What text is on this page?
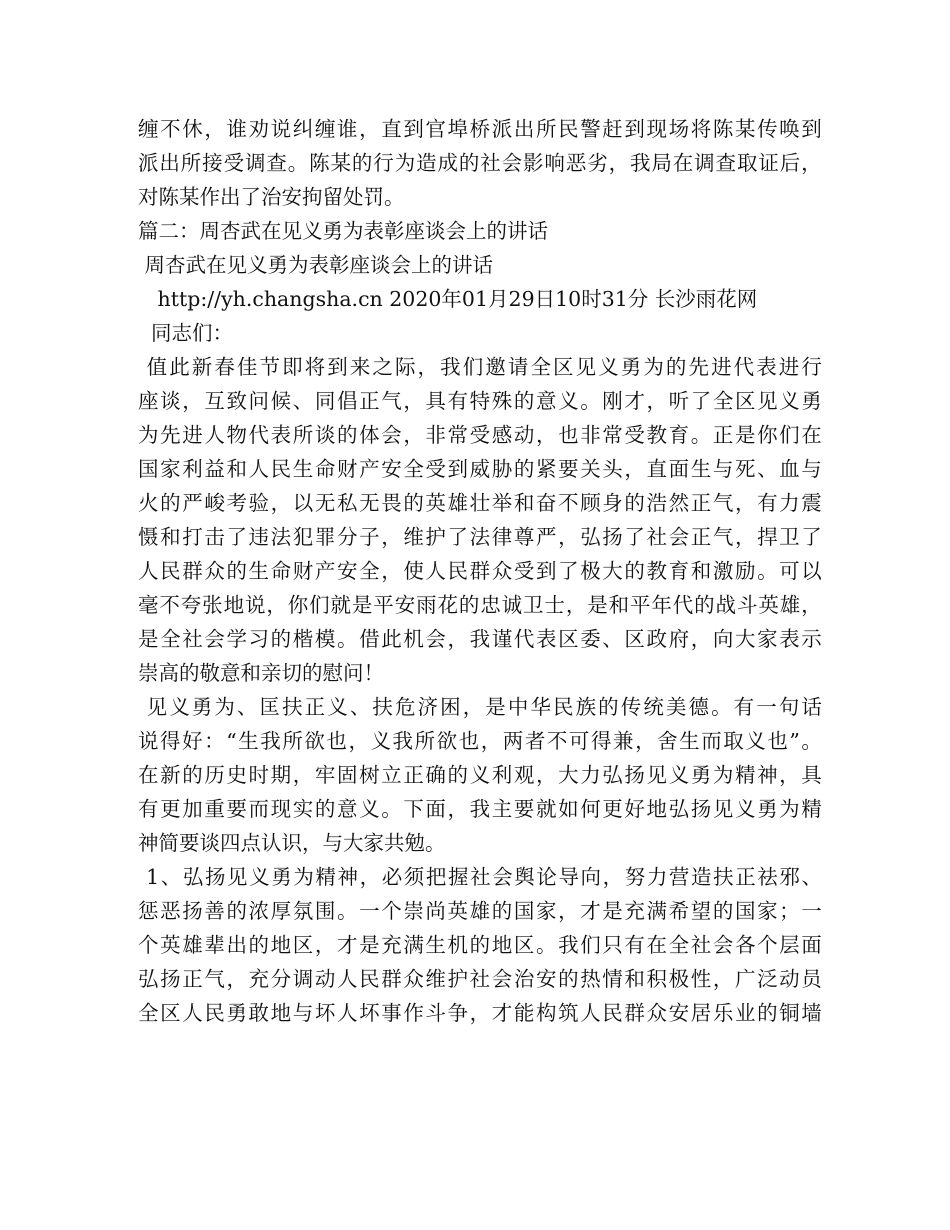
缠 不 休 ， 谁 劝 说 纠 缠 谁 ， 直 到 官 埠 桥 派 出 所 民 警 赶 到 现 场 将 陈 某 传 唤 到
派 出 所 接 受 调 查 。 陈 某 的 行 为 造 成 的 社 会 影 响 恶 劣 ， 我 局 在 调 查 取 证 后 ，
对陈某作出了治安拘留处罚。
篇二：周杏武在见义勇为表彰座谈会上的讲话
周杏武在见义勇为表彰座谈会上的讲话
http://yh.changsha.cn 2020年01月29日10时31分 长沙雨花网
同志们：

值 此 新 春 佳 节 即 将 到 来 之 际 ， 我 们 邀 请 全 区 见 义 勇 为 的 先 进 代 表 进 行
座 谈 ， 互 致 问 候 、 同 倡 正 气 ， 具 有 特 殊 的 意 义 。 刚 才 ， 听 了 全 区 见 义 勇
为 先 进 人 物 代 表 所 谈 的 体 会 ， 非 常 受 感 动 ， 也 非 常 受 教 育 。 正 是 你 们 在
国 家 利 益 和 人 民 生 命 财 产 安 全 受 到 威 胁 的 紧 要 关 头 ， 直 面 生 与 死 、 血 与
火 的 严 峻 考 验 ， 以 无 私 无 畏 的 英 雄 壮 举 和 奋 不 顾 身 的 浩 然 正 气 ， 有 力 震
慑 和 打 击 了 违 法 犯 罪 分 子 ， 维 护 了 法 律 尊 严 ， 弘 扬 了 社 会 正 气 ， 捍 卫 了
人 民 群 众 的 生 命 财 产 安 全 ， 使 人 民 群 众 受 到 了 极 大 的 教 育 和 激 励 。 可 以
毫 不 夸 张 地 说 ， 你 们 就 是 平 安 雨 花 的 忠 诚 卫 士 ， 是 和 平 年 代 的 战 斗 英 雄 ，
是 全 社 会 学 习 的 楷 模 。 借 此 机 会 ， 我 谨 代 表 区 委 、 区 政 府 ， 向 大 家 表 示
崇高的敬意和亲切的慰问！

见 义 勇 为 、 匡 扶 正 义 、 扶 危 济 困 ， 是 中 华 民 族 的 传 统 美 德 。 有 一 句 话
说 得 好 ： “ 生 我 所 欲 也 ， 义 我 所 欲 也 ， 两 者 不 可 得 兼 ， 舍 生 而 取 义 也 ” 。
在 新 的 历 史 时 期 ， 牢 固 树 立 正 确 的 义 利 观 ， 大 力 弘 扬 见 义 勇 为 精 神 ， 具
有 更 加 重 要 而 现 实 的 意 义 。 下 面 ， 我 主 要 就 如 何 更 好 地 弘 扬 见 义 勇 为 精
神简要谈四点认识，与大家共勉。

1 、 弘 扬 见 义 勇 为 精 神 ， 必 须 把 握 社 会 舆 论 导 向 ， 努 力 营 造 扶 正 祛 邪 、
惩 恶 扬 善 的 浓 厚 氛 围 。 一 个 崇 尚 英 雄 的 国 家 ， 才 是 充 满 希 望 的 国 家 ； 一
个 英 雄 辈 出 的 地 区 ， 才 是 充 满 生 机 的 地 区 。 我 们 只 有 在 全 社 会 各 个 层 面
弘 扬 正 气 ， 充 分 调 动 人 民 群 众 维 护 社 会 治 安 的 热 情 和 积 极 性 ， 广 泛 动 员
全 区 人 民 勇 敢 地 与 坏 人 坏 事 作 斗 争 ， 才 能 构 筑 人 民 群 众 安 居 乐 业 的 铜 墙
